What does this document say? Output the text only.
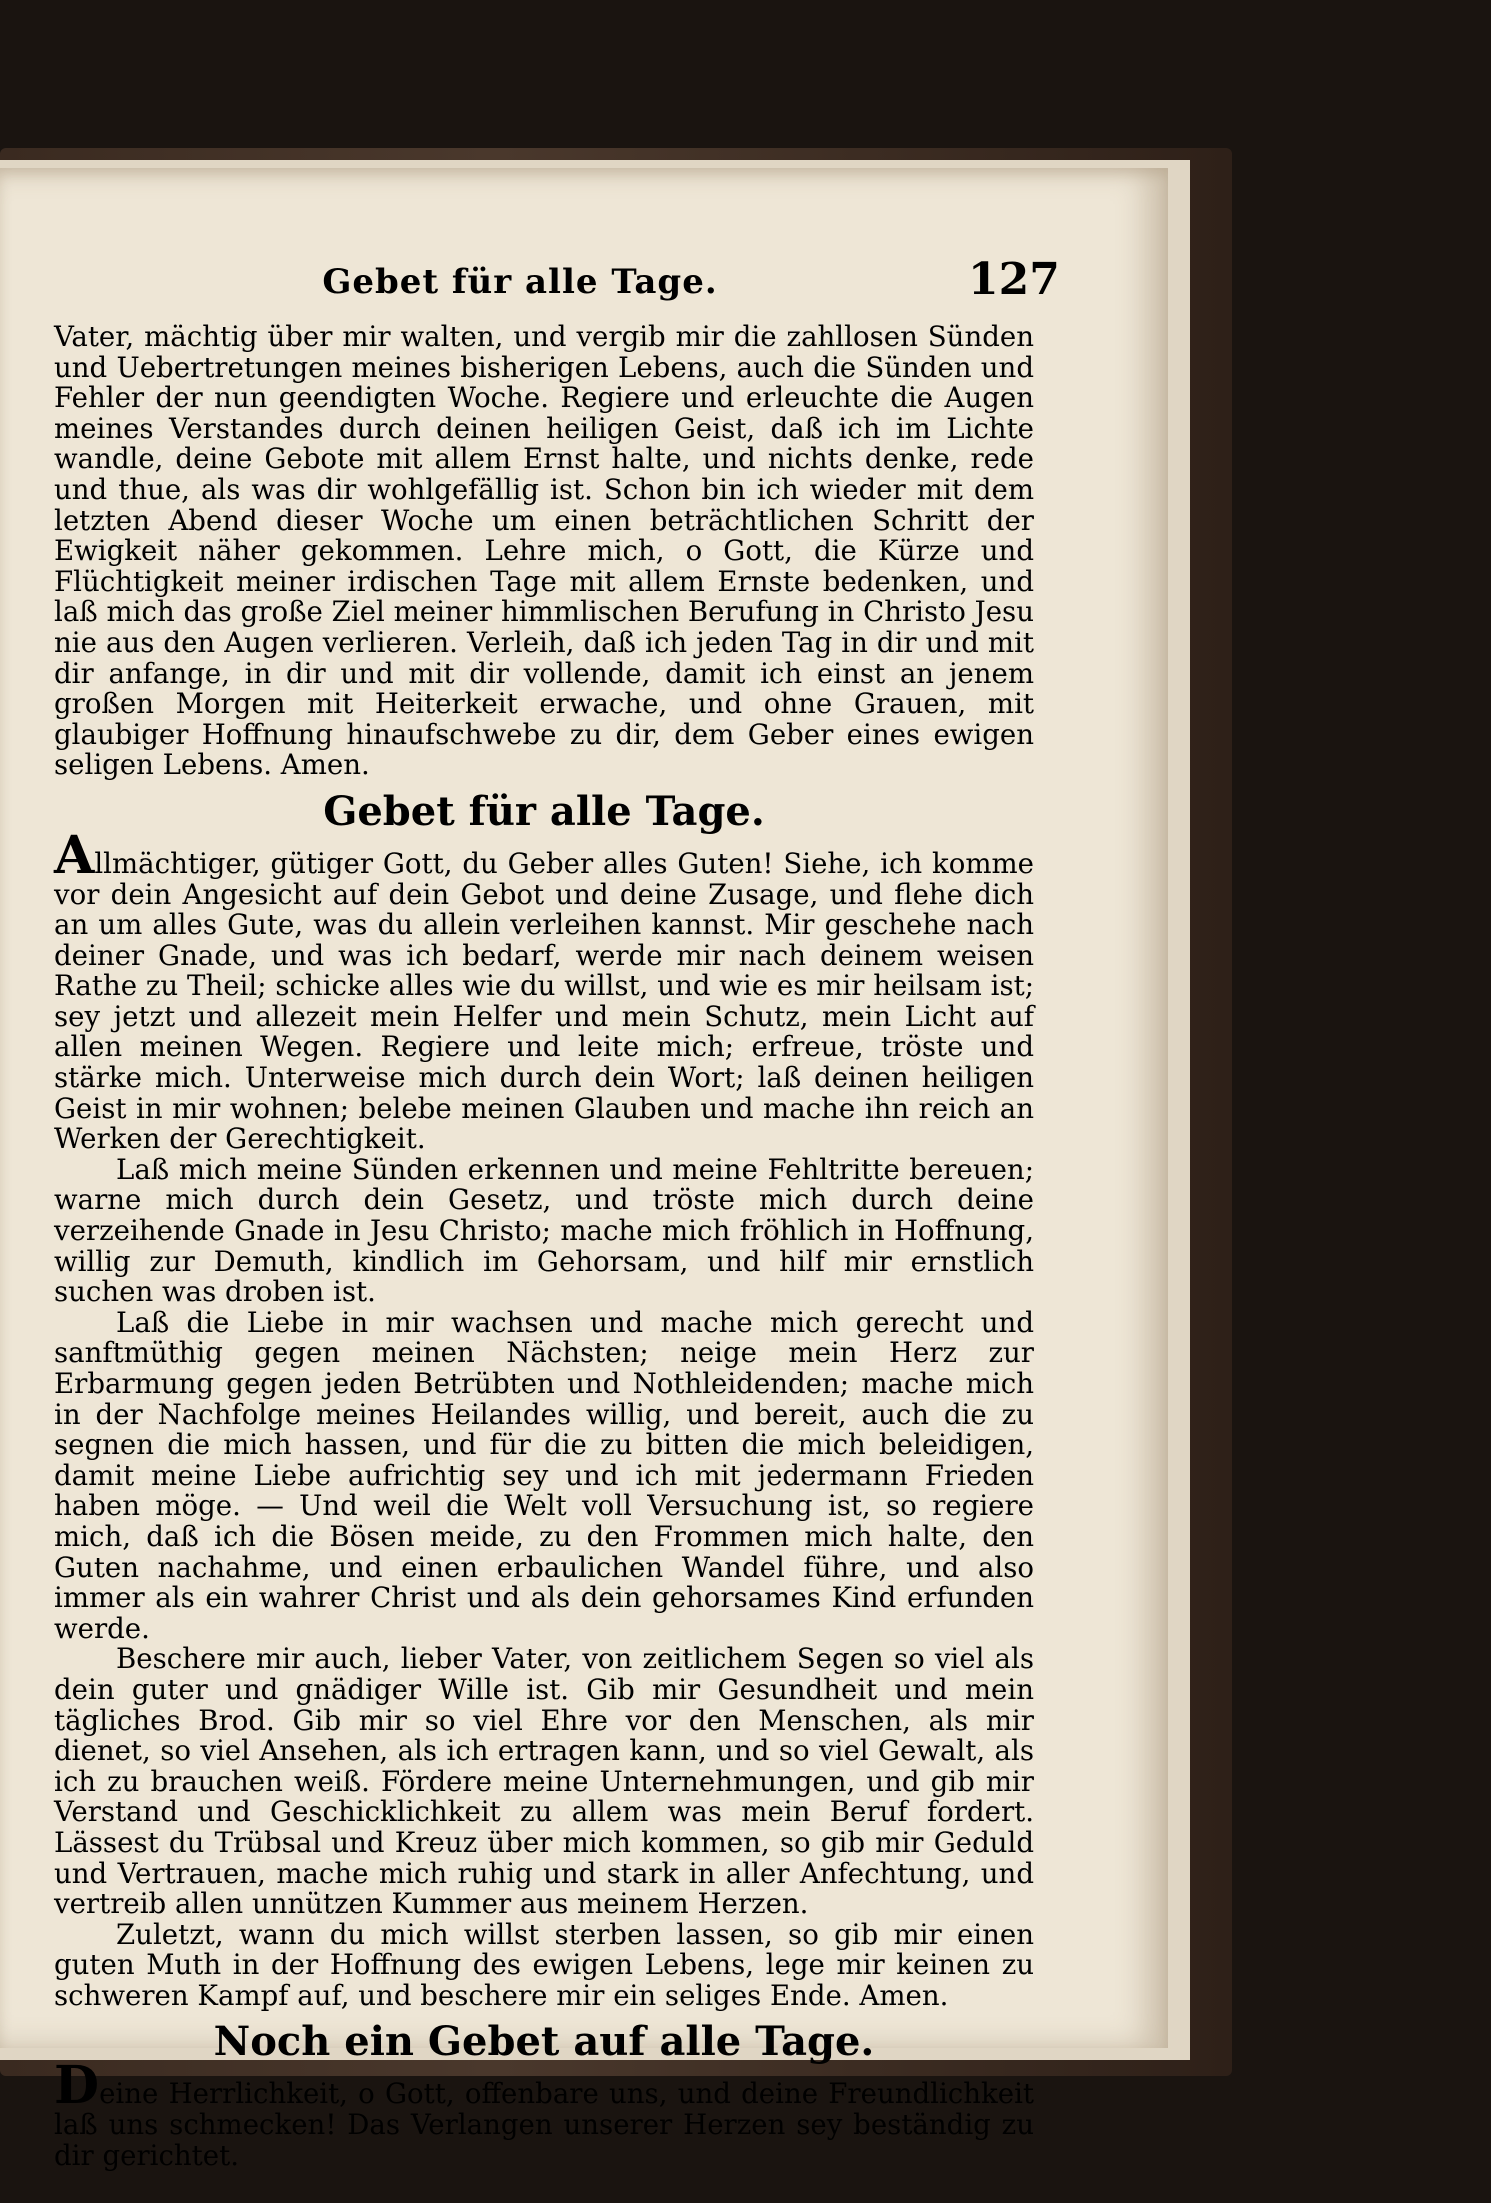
Gebet für alle Tage.	127

Vater, mächtig über mir walten, und vergib mir die zahllosen Sünden und Uebertretungen meines bisherigen Lebens, auch die Sünden und Fehler der nun geendigten Woche. Regiere und erleuchte die Augen meines Verstandes durch deinen heiligen Geist, daß ich im Lichte wandle, deine Gebote mit allem Ernst halte, und nichts denke, rede und thue, als was dir wohlgefällig ist. Schon bin ich wieder mit dem letzten Abend dieser Woche um einen beträchtlichen Schritt der Ewigkeit näher gekommen. Lehre mich, o Gott, die Kürze und Flüchtigkeit meiner irdischen Tage mit allem Ernste bedenken, und laß mich das große Ziel meiner himmlischen Berufung in Christo Jesu nie aus den Augen verlieren. Verleih, daß ich jeden Tag in dir und mit dir anfange, in dir und mit dir vollende, damit ich einst an jenem großen Morgen mit Heiterkeit erwache, und ohne Grauen, mit glaubiger Hoffnung hinaufschwebe zu dir, dem Geber eines ewigen seligen Lebens. Amen.

Gebet für alle Tage.

Allmächtiger, gütiger Gott, du Geber alles Guten! Siehe, ich komme vor dein Angesicht auf dein Gebot und deine Zusage, und flehe dich an um alles Gute, was du allein verleihen kannst. Mir geschehe nach deiner Gnade, und was ich bedarf, werde mir nach deinem weisen Rathe zu Theil; schicke alles wie du willst, und wie es mir heilsam ist; sey jetzt und allezeit mein Helfer und mein Schutz, mein Licht auf allen meinen Wegen. Regiere und leite mich; erfreue, tröste und stärke mich. Unterweise mich durch dein Wort; laß deinen heiligen Geist in mir wohnen; belebe meinen Glauben und mache ihn reich an Werken der Gerechtigkeit.

Laß mich meine Sünden erkennen und meine Fehltritte bereuen; warne mich durch dein Gesetz, und tröste mich durch deine verzeihende Gnade in Jesu Christo; mache mich fröhlich in Hoffnung, willig zur Demuth, kindlich im Gehorsam, und hilf mir ernstlich suchen was droben ist.

Laß die Liebe in mir wachsen und mache mich gerecht und sanftmüthig gegen meinen Nächsten; neige mein Herz zur Erbarmung gegen jeden Betrübten und Nothleidenden; mache mich in der Nachfolge meines Heilandes willig, und bereit, auch die zu segnen die mich hassen, und für die zu bitten die mich beleidigen, damit meine Liebe aufrichtig sey und ich mit jedermann Frieden haben möge. — Und weil die Welt voll Versuchung ist, so regiere mich, daß ich die Bösen meide, zu den Frommen mich halte, den Guten nachahme, und einen erbaulichen Wandel führe, und also immer als ein wahrer Christ und als dein gehorsames Kind erfunden werde.

Beschere mir auch, lieber Vater, von zeitlichem Segen so viel als dein guter und gnädiger Wille ist. Gib mir Gesundheit und mein tägliches Brod. Gib mir so viel Ehre vor den Menschen, als mir dienet, so viel Ansehen, als ich ertragen kann, und so viel Gewalt, als ich zu brauchen weiß. Fördere meine Unternehmungen, und gib mir Verstand und Geschicklichkeit zu allem was mein Beruf fordert. Lässest du Trübsal und Kreuz über mich kommen, so gib mir Geduld und Vertrauen, mache mich ruhig und stark in aller Anfechtung, und vertreib allen unnützen Kummer aus meinem Herzen.

Zuletzt, wann du mich willst sterben lassen, so gib mir einen guten Muth in der Hoffnung des ewigen Lebens, lege mir keinen zu schweren Kampf auf, und beschere mir ein seliges Ende. Amen.

Noch ein Gebet auf alle Tage.

Deine Herrlichkeit, o Gott, offenbare uns, und deine Freundlichkeit laß uns schmecken! Das Verlangen unserer Herzen sey beständig zu dir gerichtet.
